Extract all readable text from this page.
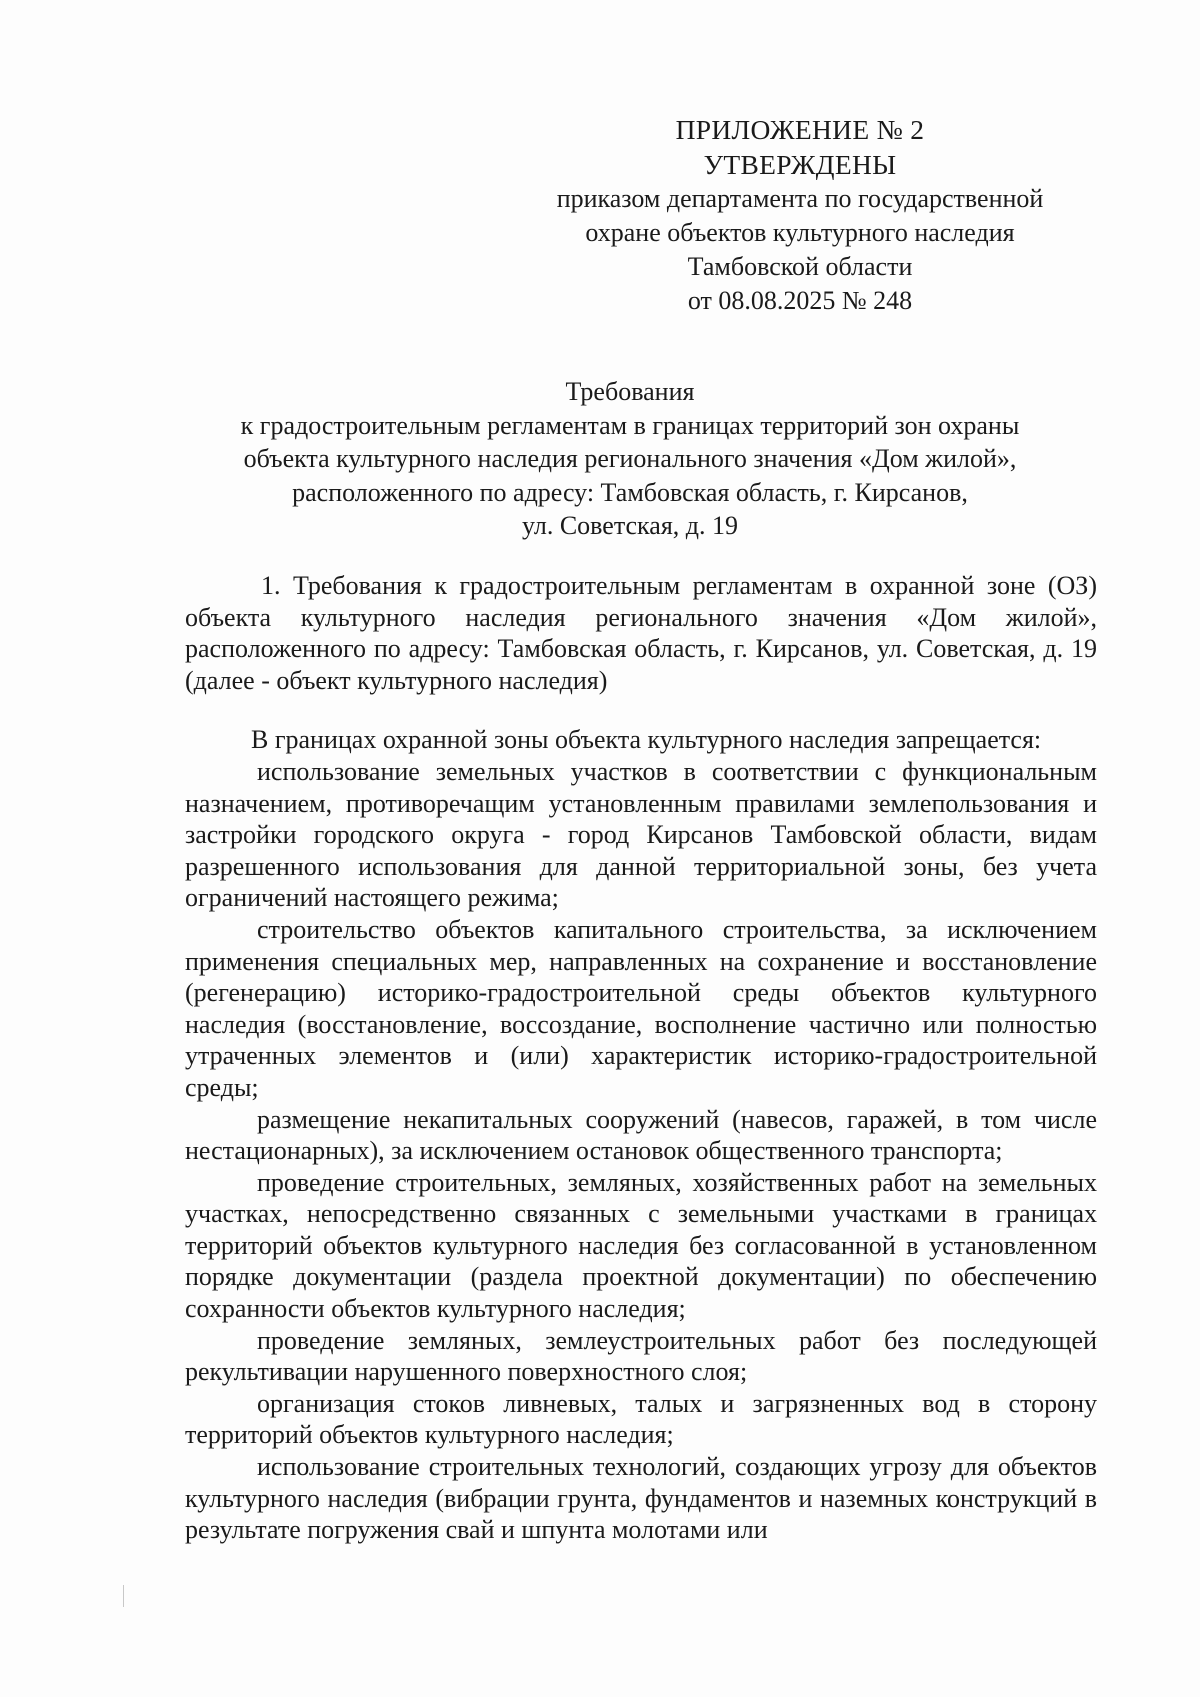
ПРИЛОЖЕНИЕ № 2
УТВЕРЖДЕНЫ
приказом департамента по государственной
охране объектов культурного наследия
Тамбовской области
от 08.08.2025 № 248
Требования
к градостроительным регламентам в границах территорий зон охраны
объекта культурного наследия регионального значения «Дом жилой»,
расположенного по адресу: Тамбовская область, г. Кирсанов,
ул. Советская, д. 19

1. Требования к градостроительным регламентам в охранной зоне (ОЗ) объекта культурного наследия регионального значения «Дом жилой», расположенного по адресу: Тамбовская область, г. Кирсанов, ул. Советская, д. 19 (далее - объект культурного наследия)

В границах охранной зоны объекта культурного наследия запрещается:

использование земельных участков в соответствии с функциональным назначением, противоречащим установленным правилами землепользования и застройки городского округа - город Кирсанов Тамбовской области, видам разрешенного использования для данной территориальной зоны, без учета ограничений настоящего режима;

строительство объектов капитального строительства, за исключением применения специальных мер, направленных на сохранение и восстановление (регенерацию) историко-градостроительной среды объектов культурного наследия (восстановление, воссоздание, восполнение частично или полностью утраченных элементов и (или) характеристик историко-градостроительной среды;

размещение некапитальных сооружений (навесов, гаражей, в том числе нестационарных), за исключением остановок общественного транспорта;

проведение строительных, земляных, хозяйственных работ на земельных участках, непосредственно связанных с земельными участками в границах территорий объектов культурного наследия без согласованной в установленном порядке документации (раздела проектной документации) по обеспечению сохранности объектов культурного наследия;

проведение земляных, землеустроительных работ без последующей рекультивации нарушенного поверхностного слоя;

организация стоков ливневых, талых и загрязненных вод в сторону территорий объектов культурного наследия;

использование строительных технологий, создающих угрозу для объектов культурного наследия (вибрации грунта, фундаментов и наземных конструкций в результате погружения свай и шпунта молотами или
